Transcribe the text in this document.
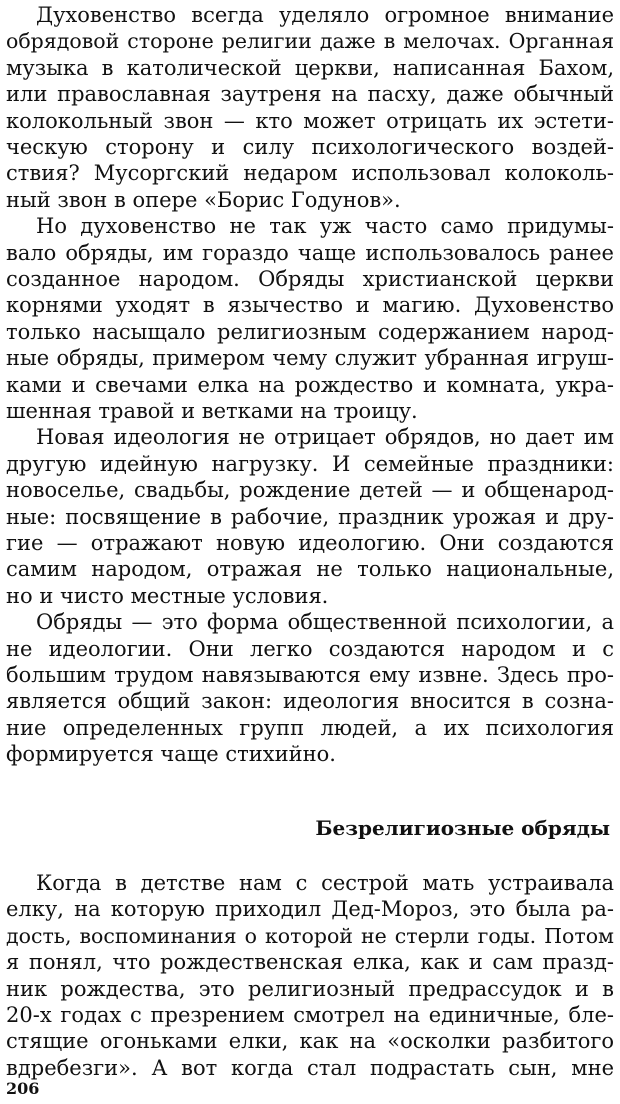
Духовенство всегда уделяло огромное внимание
обрядовой стороне религии даже в мелочах. Органная
музыка в католической церкви, написанная Бахом,
или православная заутреня на пасху, даже обычный
колокольный звон — кто может отрицать их эстети-
ческую сторону и силу психологического воздей-
ствия? Мусоргский недаром использовал колоколь-
ный звон в опере «Борис Годунов».
Но духовенство не так уж часто само придумы-
вало обряды, им гораздо чаще использовалось ранее
созданное народом. Обряды христианской церкви
корнями уходят в язычество и магию. Духовенство
только насыщало религиозным содержанием народ-
ные обряды, примером чему служит убранная игруш-
ками и свечами елка на рождество и комната, укра-
шенная травой и ветками на троицу.
Новая идеология не отрицает обрядов, но дает им
другую идейную нагрузку. И семейные праздники:
новоселье, свадьбы, рождение детей — и общенарод-
ные: посвящение в рабочие, праздник урожая и дру-
гие — отражают новую идеологию. Они создаются
самим народом, отражая не только национальные,
но и чисто местные условия.
Обряды — это форма общественной психологии, а
не идеологии. Они легко создаются народом и с
большим трудом навязываются ему извне. Здесь про-
является общий закон: идеология вносится в созна-
ние определенных групп людей, а их психология
формируется чаще стихийно.
Безрелигиозные обряды
Когда в детстве нам с сестрой мать устраивала
елку, на которую приходил Дед-Мороз, это была ра-
дость, воспоминания о которой не стерли годы. Потом
я понял, что рождественская елка, как и сам празд-
ник рождества, это религиозный предрассудок и в
20-х годах с презрением смотрел на единичные, бле-
стящие огоньками елки, как на «осколки разбитого
вдребезги». А вот когда стал подрастать сын, мне
206
